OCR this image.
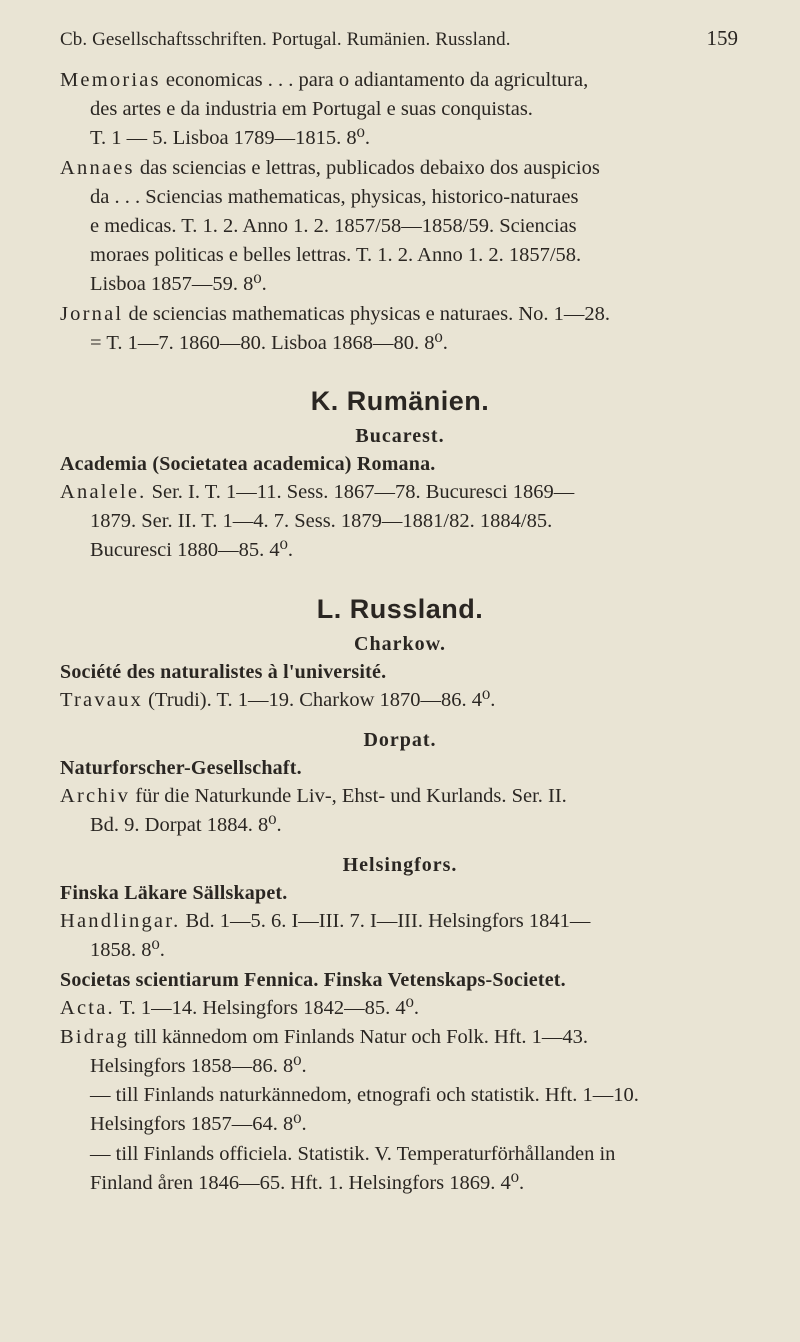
Cb. Gesellschaftsschriften. Portugal. Rumänien. Russland.	159

Memorias economicas . . . para o adiantamento da agricultura,
des artes e da industria em Portugal e suas conquistas.
T. 1 — 5. Lisboa 1789—1815. 8⁰.

Annaes das sciencias e lettras, publicados debaixo dos auspicios
da . . . Sciencias mathematicas, physicas, historico-naturaes
e medicas. T. 1. 2. Anno 1. 2. 1857/58—1858/59. Sciencias
moraes politicas e belles lettras. T. 1. 2. Anno 1. 2. 1857/58.
Lisboa 1857—59. 8⁰.

Jornal de sciencias mathematicas physicas e naturaes. No. 1—28.
= T. 1—7. 1860—80. Lisboa 1868—80. 8⁰.

K. Rumänien.
Bucarest.
Academia (Societatea academica) Romana.

Analele. Ser. I. T. 1—11. Sess. 1867—78. Bucuresci 1869—
1879. Ser. II. T. 1—4. 7. Sess. 1879—1881/82. 1884/85.
Bucuresci 1880—85. 4⁰.

L. Russland.
Charkow.
Société des naturalistes à l'université.

Travaux (Trudi). T. 1—19. Charkow 1870—86. 4⁰.

Dorpat.
Naturforscher-Gesellschaft.

Archiv für die Naturkunde Liv-, Ehst- und Kurlands. Ser. II.
Bd. 9. Dorpat 1884. 8⁰.

Helsingfors.
Finska Läkare Sällskapet.

Handlingar. Bd. 1—5. 6. I—III. 7. I—III. Helsingfors 1841—
1858. 8⁰.

Societas scientiarum Fennica. Finska Vetenskaps-Societet.

Acta. T. 1—14. Helsingfors 1842—85. 4⁰.

Bidrag till kännedom om Finlands Natur och Folk. Hft. 1—43.
Helsingfors 1858—86. 8⁰.

— till Finlands naturkännedom, etnografi och statistik. Hft. 1—10.
Helsingfors 1857—64. 8⁰.

— till Finlands officiela. Statistik. V. Temperaturförhållanden in
Finland åren 1846—65. Hft. 1. Helsingfors 1869. 4⁰.
